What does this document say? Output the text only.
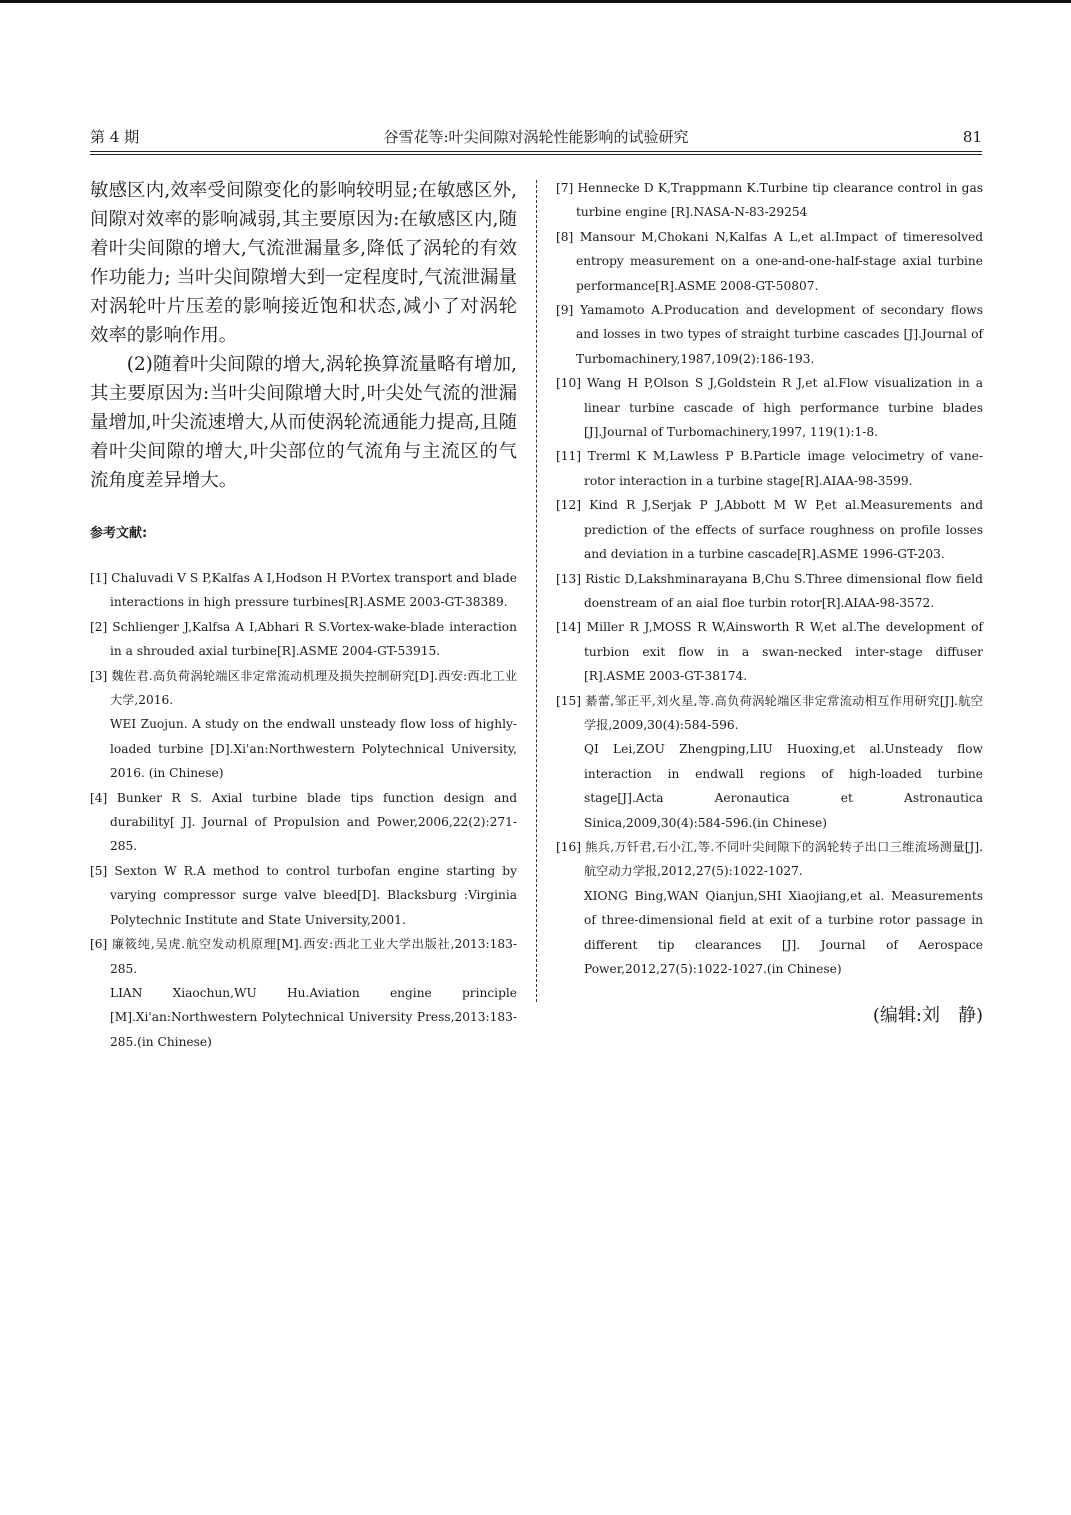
第 4 期	谷雪花等:叶尖间隙对涡轮性能影响的试验研究	81

敏感区内,效率受间隙变化的影响较明显;在敏感区外,间隙对效率的影响减弱,其主要原因为:在敏感区内,随着叶尖间隙的增大,气流泄漏量多,降低了涡轮的有效作功能力; 当叶尖间隙增大到一定程度时,气流泄漏量对涡轮叶片压差的影响接近饱和状态,减小了对涡轮效率的影响作用。

(2)随着叶尖间隙的增大,涡轮换算流量略有增加,其主要原因为:当叶尖间隙增大时,叶尖处气流的泄漏量增加,叶尖流速增大,从而使涡轮流通能力提高,且随着叶尖间隙的增大,叶尖部位的气流角与主流区的气流角度差异增大。

参考文献:
[1] Chaluvadi V S P,Kalfas A I,Hodson H P.Vortex transport and blade interactions in high pressure turbines[R].ASME 2003-GT-38389.
[2] Schlienger J,Kalfsa A I,Abhari R S.Vortex-wake-blade interaction in a shrouded axial turbine[R].ASME 2004-GT-53915.
[3] 魏佐君.高负荷涡轮端区非定常流动机理及损失控制研究[D].西安:西北工业大学,2016.
WEI Zuojun. A study on the endwall unsteady flow loss of highly-loaded turbine [D].Xi'an:Northwestern Polytechnical University, 2016. (in Chinese)
[4] Bunker R S. Axial turbine blade tips function design and durability[ J]. Journal of Propulsion and Power,2006,22(2):271- 285.
[5] Sexton W R.A method to control turbofan engine starting by varying compressor surge valve bleed[D]. Blacksburg :Virginia Polytechnic Institute and State University,2001.
[6] 廉筱纯,吴虎.航空发动机原理[M].西安:西北工业大学出版社,2013:183-285.
LIAN Xiaochun,WU Hu.Aviation engine principle [M].Xi'an:Northwestern Polytechnical University Press,2013:183-285.(in Chinese)
[7] Hennecke D K,Trappmann K.Turbine tip clearance control in gas turbine engine [R].NASA-N-83-29254
[8] Mansour M,Chokani N,Kalfas A L,et al.Impact of timeresolved entropy measurement on a one-and-one-half-stage axial turbine performance[R].ASME 2008-GT-50807.
[9] Yamamoto A.Producation and development of secondary flows and losses in two types of straight turbine cascades [J].Journal of Turbomachinery,1987,109(2):186-193.
[10] Wang H P,Olson S J,Goldstein R J,et al.Flow visualization in a linear turbine cascade of high performance turbine blades [J].Journal of Turbomachinery,1997, 119(1):1-8.
[11] Trerml K M,Lawless P B.Particle image velocimetry of vane-rotor interaction in a turbine stage[R].AIAA-98-3599.
[12] Kind R J,Serjak P J,Abbott M W P,et al.Measurements and prediction of the effects of surface roughness on profile losses and deviation in a turbine cascade[R].ASME 1996-GT-203.
[13] Ristic D,Lakshminarayana B,Chu S.Three dimensional flow field doenstream of an aial floe turbin rotor[R].AIAA-98-3572.
[14] Miller R J,MOSS R W,Ainsworth R W,et al.The development of turbion exit flow in a swan-necked inter-stage diffuser [R].ASME 2003-GT-38174.
[15] 綦蕾,邹正平,刘火星,等.高负荷涡轮端区非定常流动相互作用研究[J].航空学报,2009,30(4):584-596.
QI Lei,ZOU Zhengping,LIU Huoxing,et al.Unsteady flow interaction in endwall regions of high-loaded turbine stage[J].Acta Aeronautica et Astronautica Sinica,2009,30(4):584-596.(in Chinese)
[16] 熊兵,万钎君,石小江,等.不同叶尖间隙下的涡轮转子出口三维流场测量[J].航空动力学报,2012,27(5):1022-1027.
XIONG Bing,WAN Qianjun,SHI Xiaojiang,et al. Measurements of three-dimensional field at exit of a turbine rotor passage in different tip clearances [J]. Journal of Aerospace Power,2012,27(5):1022-1027.(in Chinese)
(编辑:刘　静)
